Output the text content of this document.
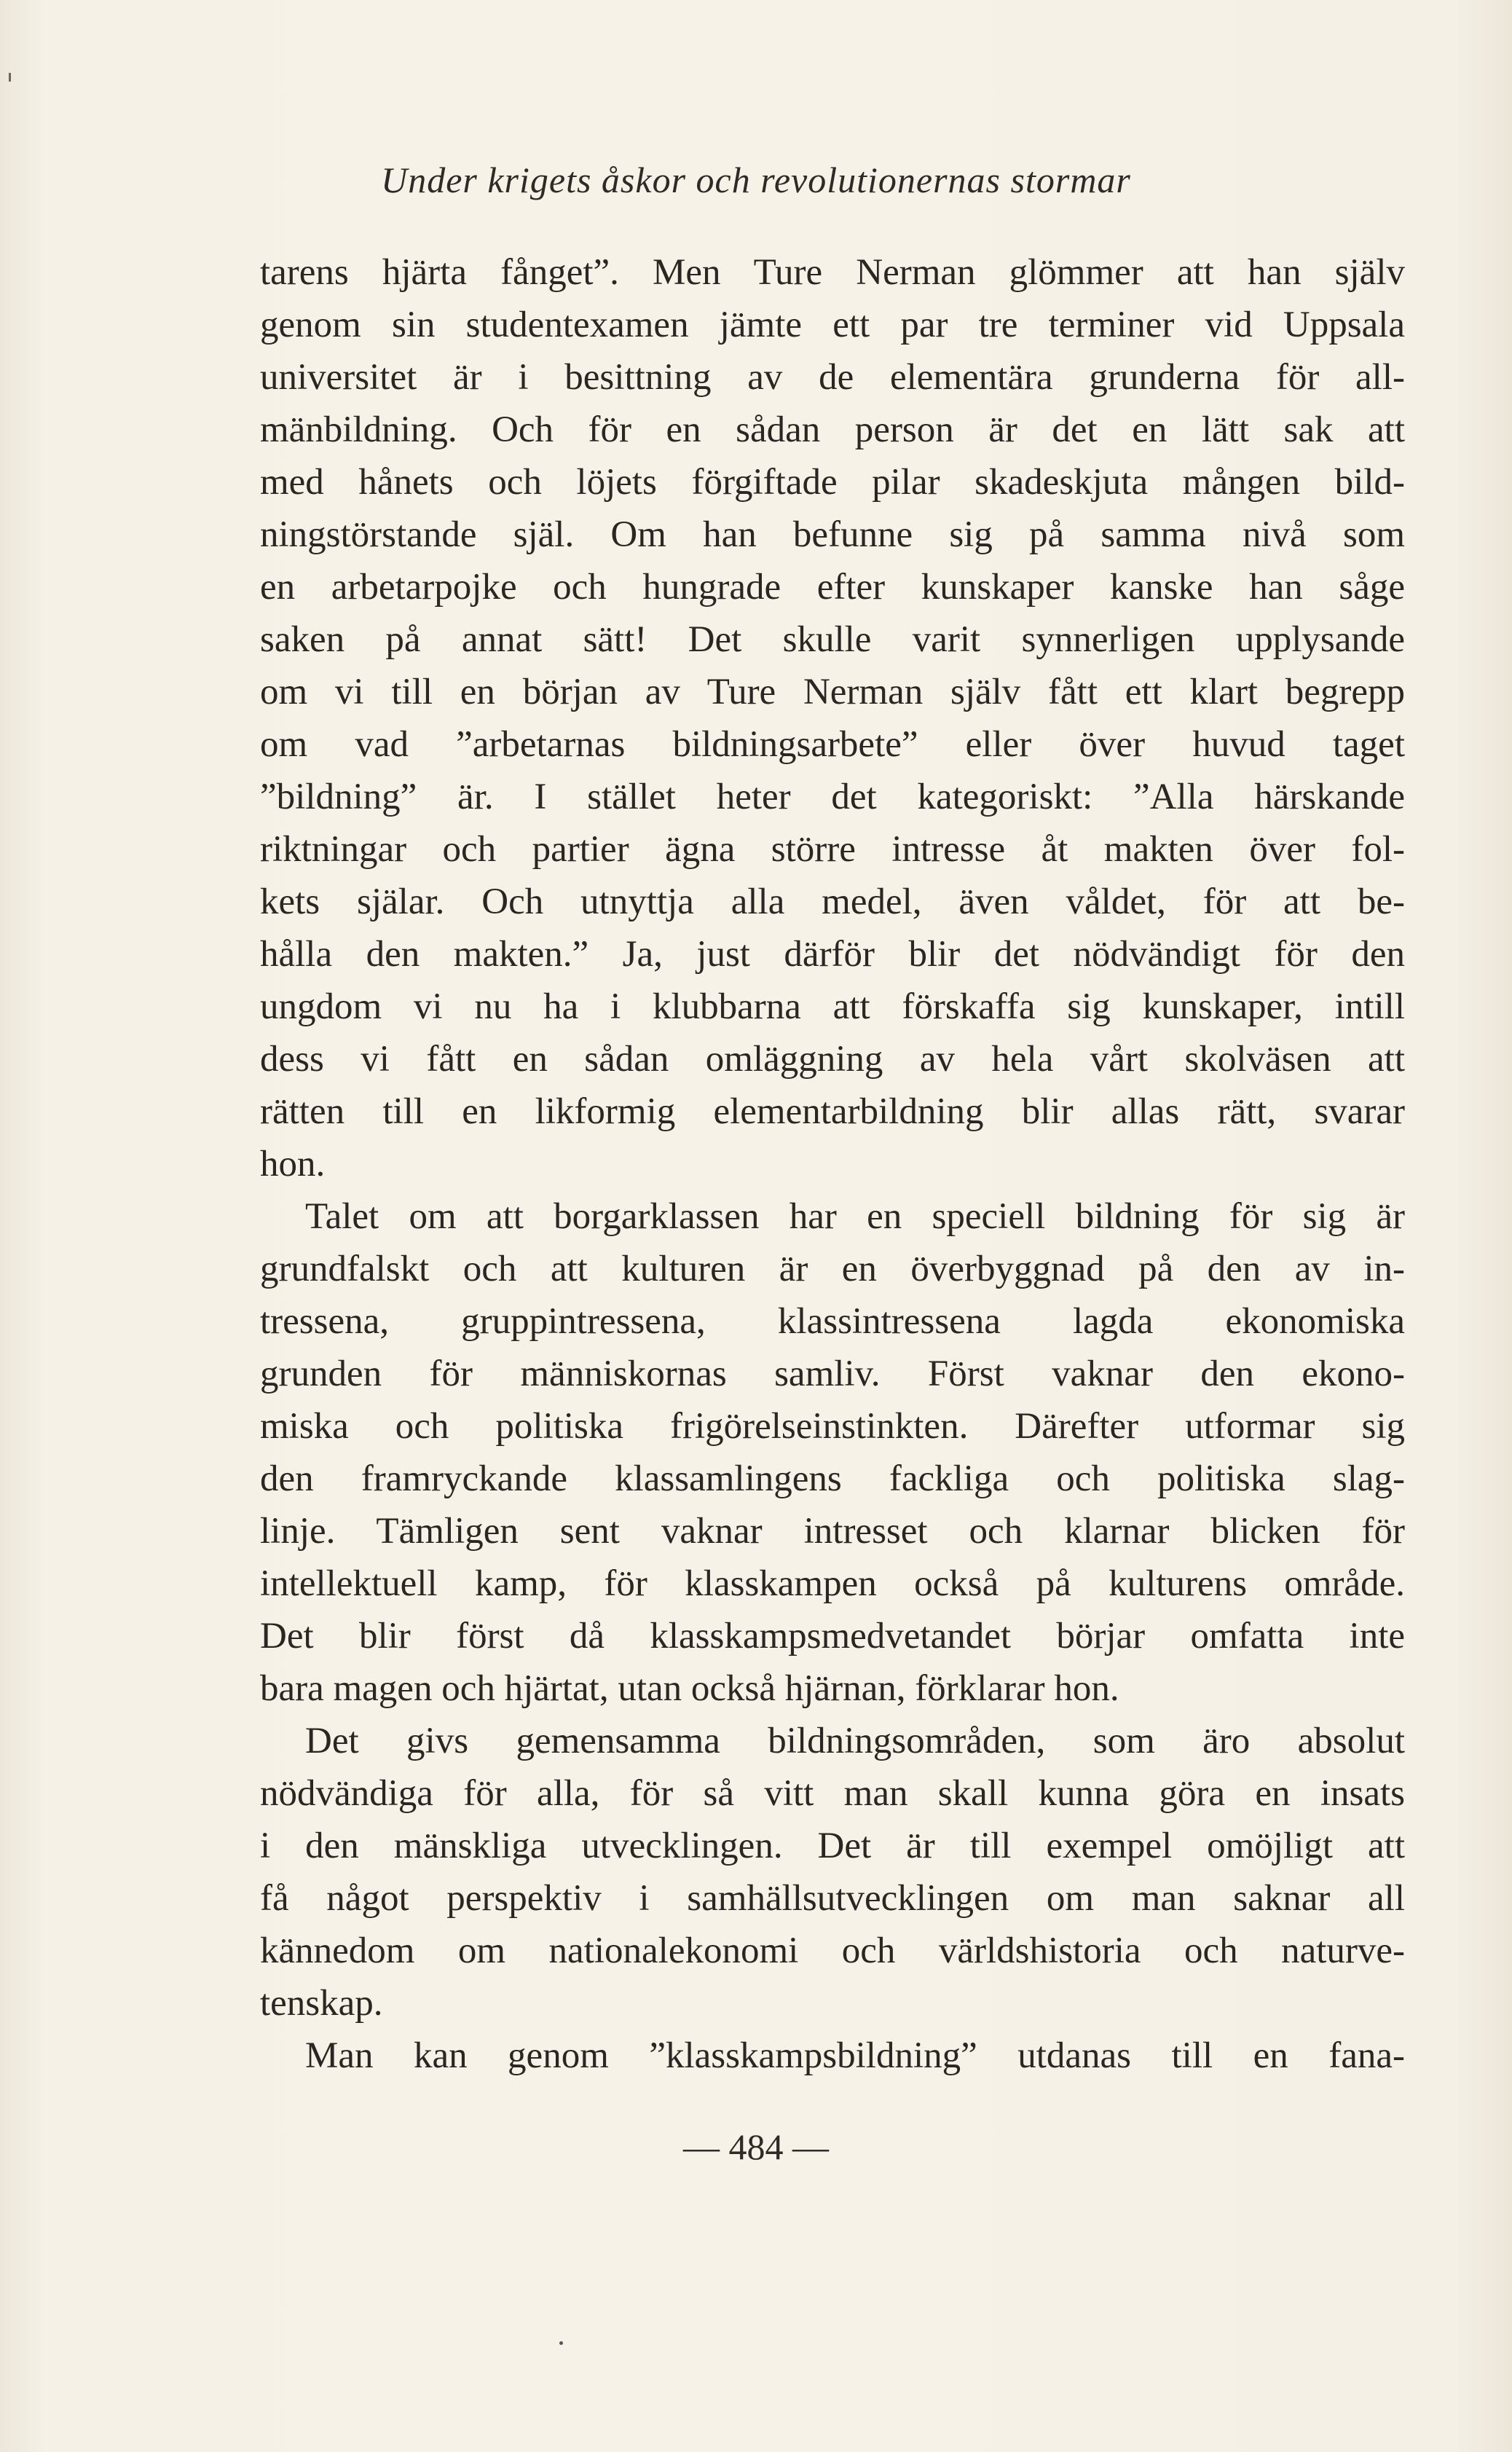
Under krigets åskor och revolutionernas stormar
tarens hjärta fånget”. Men Ture Nerman glömmer att han själv
genom sin studentexamen jämte ett par tre terminer vid Uppsala
universitet är i besittning av de elementära grunderna för all-
mänbildning. Och för en sådan person är det en lätt sak att
med hånets och löjets förgiftade pilar skadeskjuta mången bild-
ningstörstande själ. Om han befunne sig på samma nivå som
en arbetarpojke och hungrade efter kunskaper kanske han såge
saken på annat sätt! Det skulle varit synnerligen upplysande
om vi till en början av Ture Nerman själv fått ett klart begrepp
om vad ”arbetarnas bildningsarbete” eller över huvud taget
”bildning” är. I stället heter det kategoriskt: ”Alla härskande
riktningar och partier ägna större intresse åt makten över fol-
kets själar. Och utnyttja alla medel, även våldet, för att be-
hålla den makten.” Ja, just därför blir det nödvändigt för den
ungdom vi nu ha i klubbarna att förskaffa sig kunskaper, intill
dess vi fått en sådan omläggning av hela vårt skolväsen att
rätten till en likformig elementarbildning blir allas rätt, svarar
hon.
Talet om att borgarklassen har en speciell bildning för sig är
grundfalskt och att kulturen är en överbyggnad på den av in-
tressena, gruppintressena, klassintressena lagda ekonomiska
grunden för människornas samliv. Först vaknar den ekono-
miska och politiska frigörelseinstinkten. Därefter utformar sig
den framryckande klassamlingens fackliga och politiska slag-
linje. Tämligen sent vaknar intresset och klarnar blicken för
intellektuell kamp, för klasskampen också på kulturens område.
Det blir först då klasskampsmedvetandet börjar omfatta inte
bara magen och hjärtat, utan också hjärnan, förklarar hon.
Det givs gemensamma bildningsområden, som äro absolut
nödvändiga för alla, för så vitt man skall kunna göra en insats
i den mänskliga utvecklingen. Det är till exempel omöjligt att
få något perspektiv i samhällsutvecklingen om man saknar all
kännedom om nationalekonomi och världshistoria och naturve-
tenskap.
Man kan genom ”klasskampsbildning” utdanas till en fana-
— 484 —
